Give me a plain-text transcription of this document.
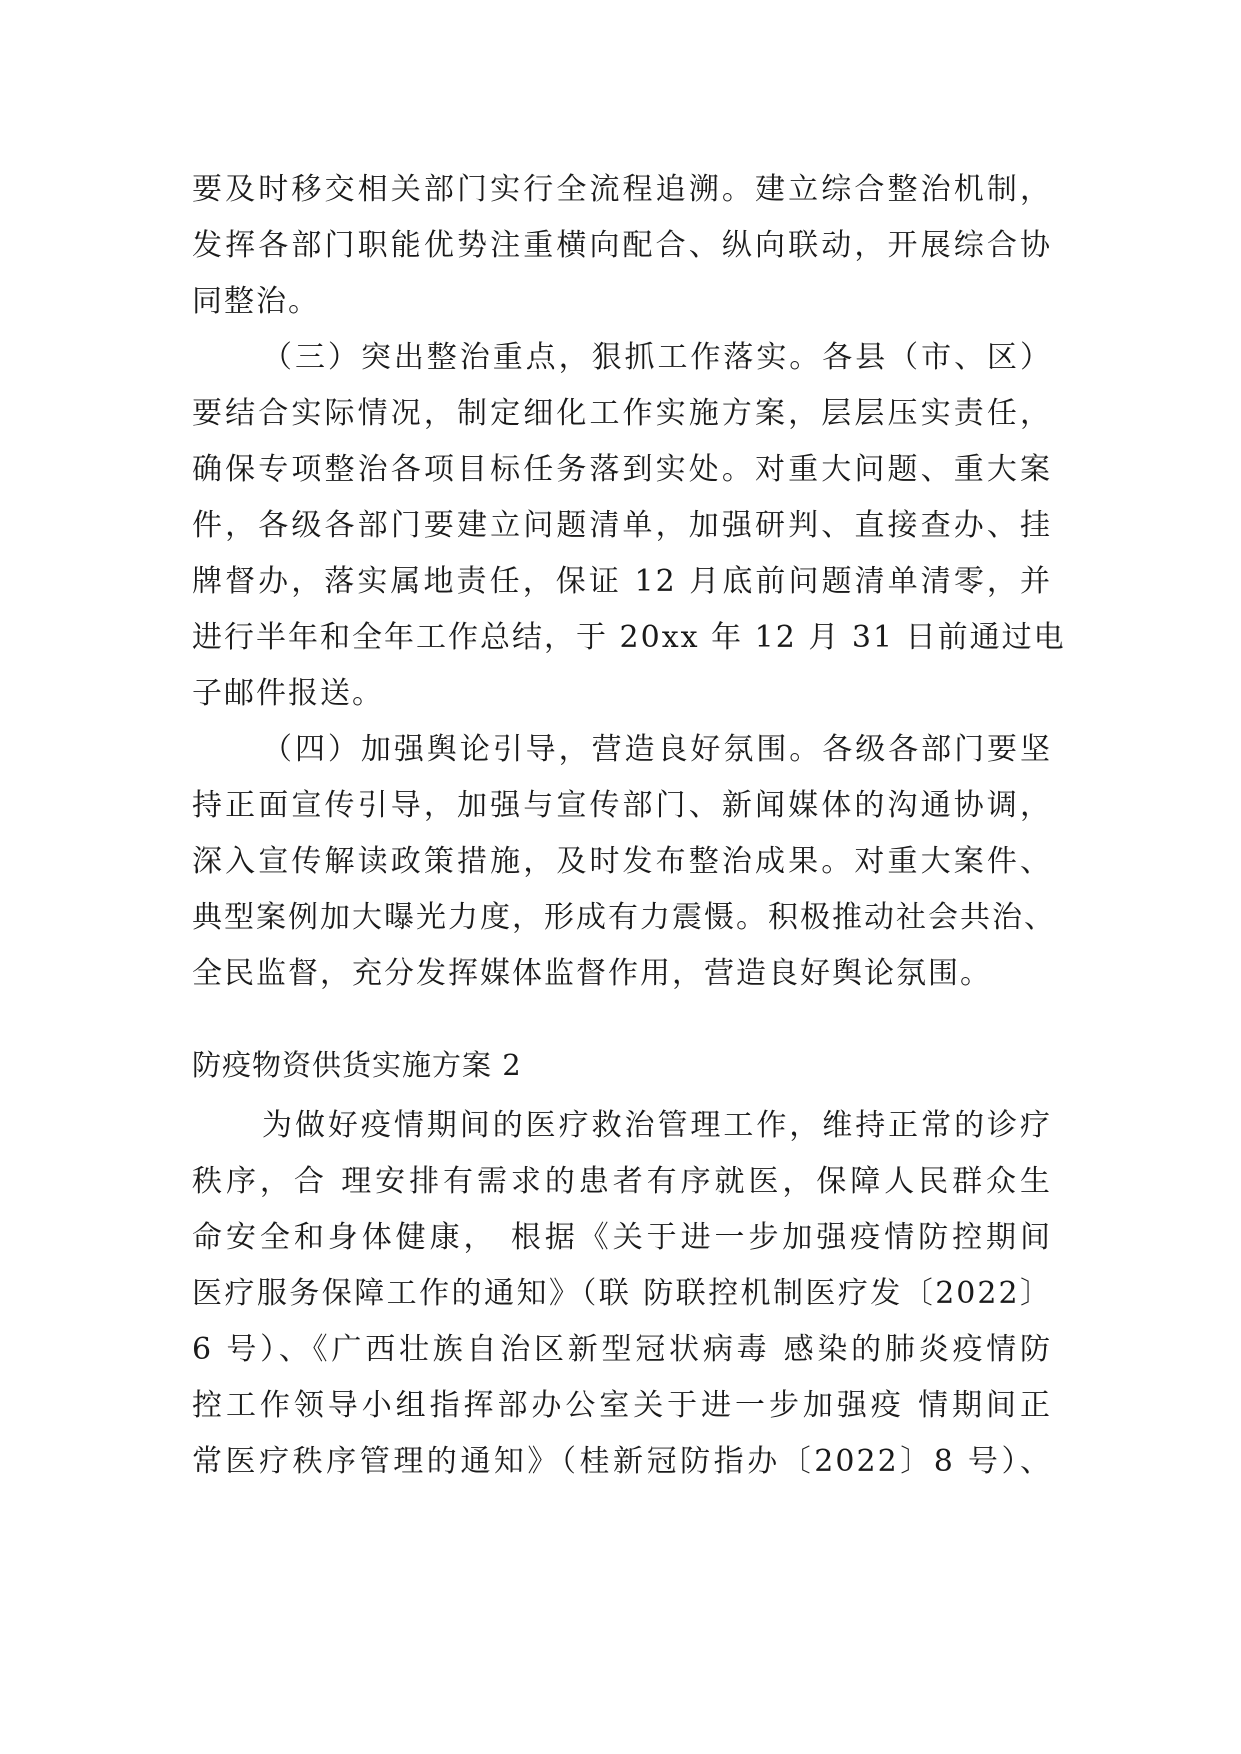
要及时移交相关部门实行全流程追溯。建立综合整治机制，
发挥各部门职能优势注重横向配合、纵向联动，开展综合协
同整治。
（三）突出整治重点，狠抓工作落实。各县（市、区）
要结合实际情况，制定细化工作实施方案，层层压实责任，
确保专项整治各项目标任务落到实处。对重大问题、重大案
件，各级各部门要建立问题清单，加强研判、直接查办、挂
牌督办，落实属地责任，保证 12 月底前问题清单清零，并
进行半年和全年工作总结，于 20xx 年 12 月 31 日前通过电
子邮件报送。
（四）加强舆论引导，营造良好氛围。各级各部门要坚
持正面宣传引导，加强与宣传部门、新闻媒体的沟通协调，
深入宣传解读政策措施，及时发布整治成果。对重大案件、
典型案例加大曝光力度，形成有力震慑。积极推动社会共治、
全民监督，充分发挥媒体监督作用，营造良好舆论氛围。
防疫物资供货实施方案 2
为做好疫情期间的医疗救治管理工作，维持正常的诊疗
秩序，合 理安排有需求的患者有序就医，保障人民群众生
命安全和身体健康， 根据《关于进一步加强疫情防控期间
医疗服务保障工作的通知》（联 防联控机制医疗发〔2022〕
6 号）、《广西壮族自治区新型冠状病毒 感染的肺炎疫情防
控工作领导小组指挥部办公室关于进一步加强疫 情期间正
常医疗秩序管理的通知》（桂新冠防指办〔2022〕8 号）、
